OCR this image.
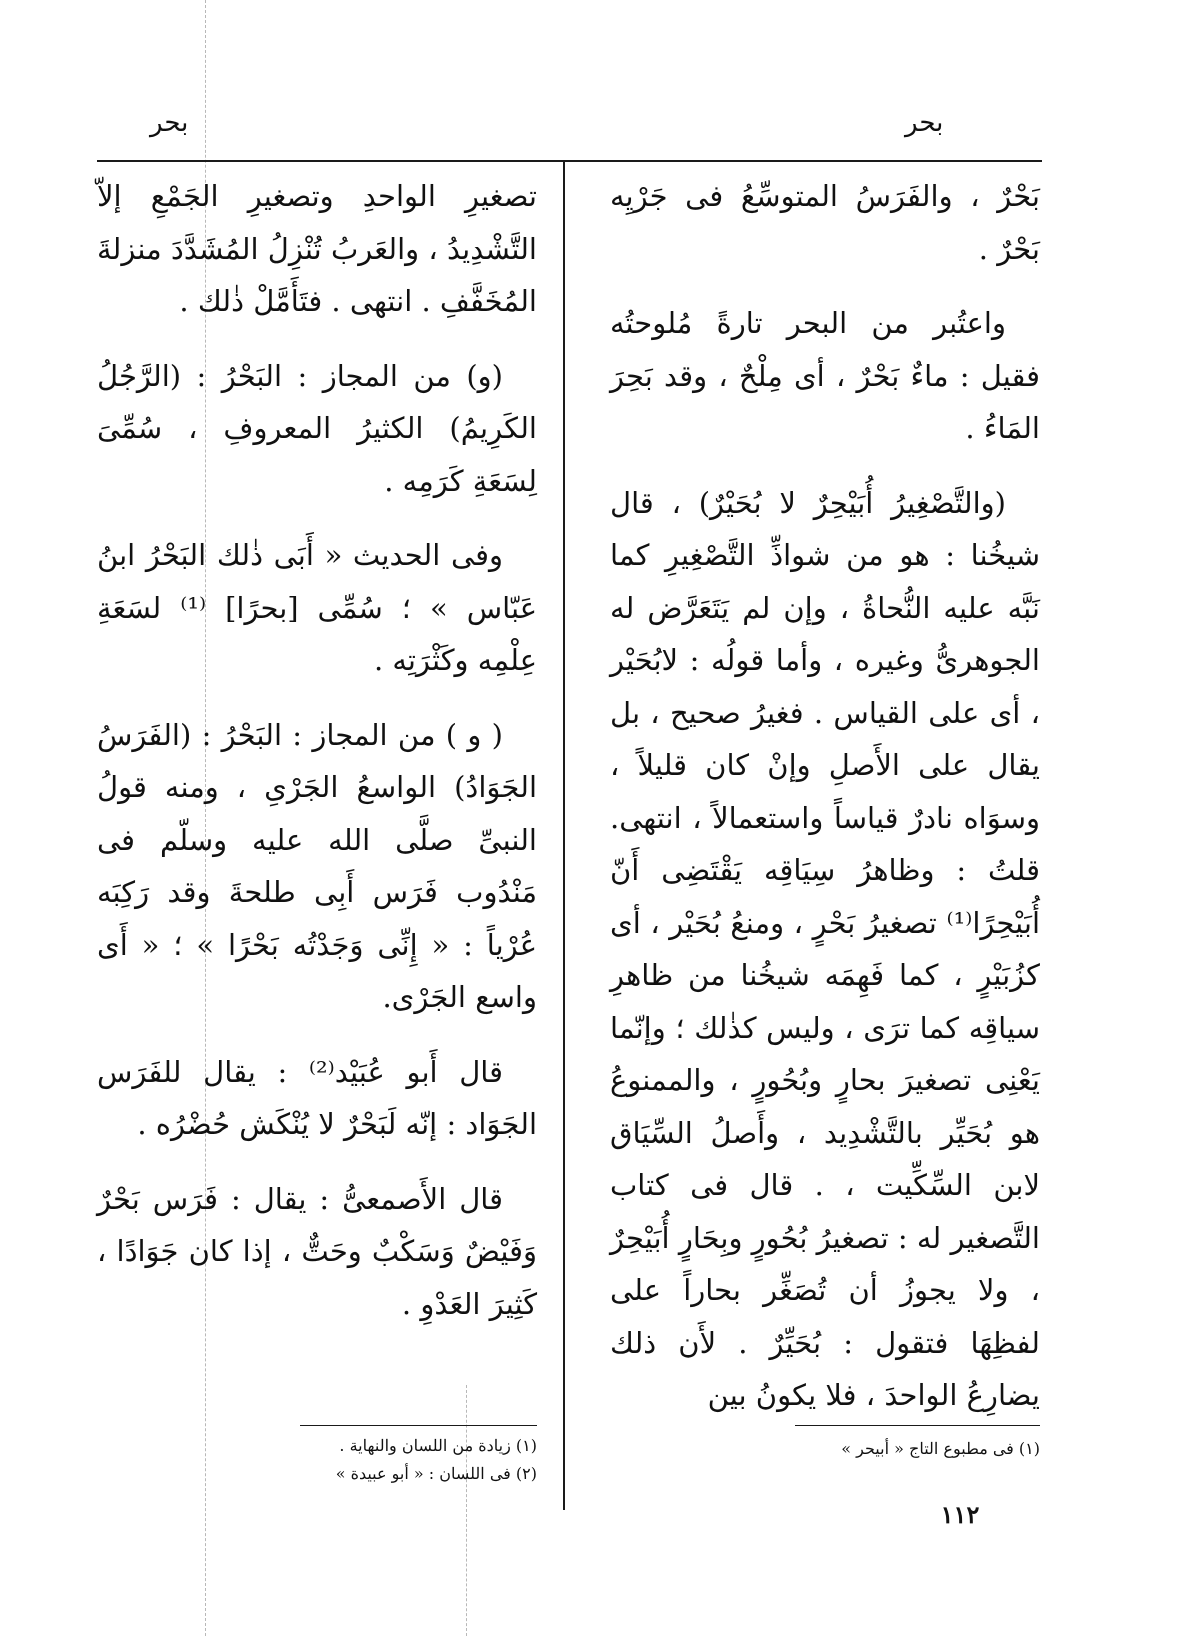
بحر
بحر

بَحْرٌ ، والفَرَسُ المتوسِّعُ فى جَرْيِه بَحْرٌ .

واعتُبر من البحر تارةً مُلوحتُه فقيل : ماءٌ بَحْرٌ ، أى مِلْحٌ ، وقد بَحِرَ المَاءُ .

(والتَّصْغِيرُ أُبَيْحِرٌ لا بُحَيْرٌ) ، قال شيخُنا : هو من شواذِّ التَّصْغِيرِ كما نَبَّه عليه النُّحاةُ ، وإن لم يَتَعَرَّض له الجوهرىُّ وغيره ، وأما قولُه : لابُحَيْر ، أى على القياس . فغيرُ صحيح ، بل يقال على الأَصلِ وإنْ كان قليلاً ، وسوَاه نادرٌ قياساً واستعمالاً ، انتهى. قلتُ : وظاهرُ سِيَاقِه يَقْتَضِى أَنّ أُبَيْحِرًا⁽¹⁾ تصغيرُ بَحْرٍ ، ومنعُ بُحَيْر ، أى كزُبَيْرٍ ، كما فَهِمَه شيخُنا من ظاهرِ سياقِه كما ترَى ، وليس كذٰلك ؛ وإنّما يَعْنِى تصغيرَ بحارٍ وبُحُورٍ ، والممنوعُ هو بُحَيِّر بالتَّشْدِيد ، وأَصلُ السِّيَاق لابن السِّكِّيت ، . قال فى كتاب التَّصغير له : تصغيرُ بُحُورٍ وبِحَارٍ أُبَيْحِرٌ ، ولا يجوزُ أن تُصَغِّر بحاراً على لفظِهَا فتقول : بُحَيِّرٌ . لأَن ذلك يضارِعُ الواحدَ ، فلا يكونُ بين

تصغيرِ الواحدِ وتصغيرِ الجَمْعِ إلاّ التَّشْدِيدُ ، والعَربُ تُنْزِلُ المُشَدَّدَ منزلةَ المُخَفَّفِ . انتهى . فتَأَمَّلْ ذٰلك .

(و) من المجاز : البَحْرُ : (الرَّجُلُ الكَرِيمُ) الكثيرُ المعروفِ ، سُمِّىَ لِسَعَةِ كَرَمِه .

وفى الحديث « أَبَى ذٰلك البَحْرُ ابنُ عَبّاس » ؛ سُمِّى [بحرًا] ⁽¹⁾ لسَعَةِ عِلْمِه وكَثْرَتِه .

( و ) من المجاز : البَحْرُ : (الفَرَسُ الجَوَادُ) الواسعُ الجَرْىِ ، ومنه قولُ النبىِّ صلَّى الله عليه وسلّم فى مَنْدُوب فَرَس أَبِى طلحةَ وقد رَكِبَه عُرْياً : « إِنِّى وَجَدْتُه بَحْرًا » ؛ « أَى واسع الجَرْى.

قال أَبو عُبَيْد⁽²⁾ : يقال للفَرَس الجَوَاد : إنّه لَبَحْرٌ لا يُنْكَش حُضْرُه .

قال الأَصمعىُّ : يقال : فَرَس بَحْرٌ وَفَيْضٌ وَسَكْبٌ وحَتٌّ ، إذا كان جَوَادًا ، كَثِيرَ العَدْوِ .

(١) فى مطبوع التاج « أبيحر »
(١) زيادة من اللسان والنهاية .
(٢) فى اللسان : « أبو عبيدة »
١١٢
